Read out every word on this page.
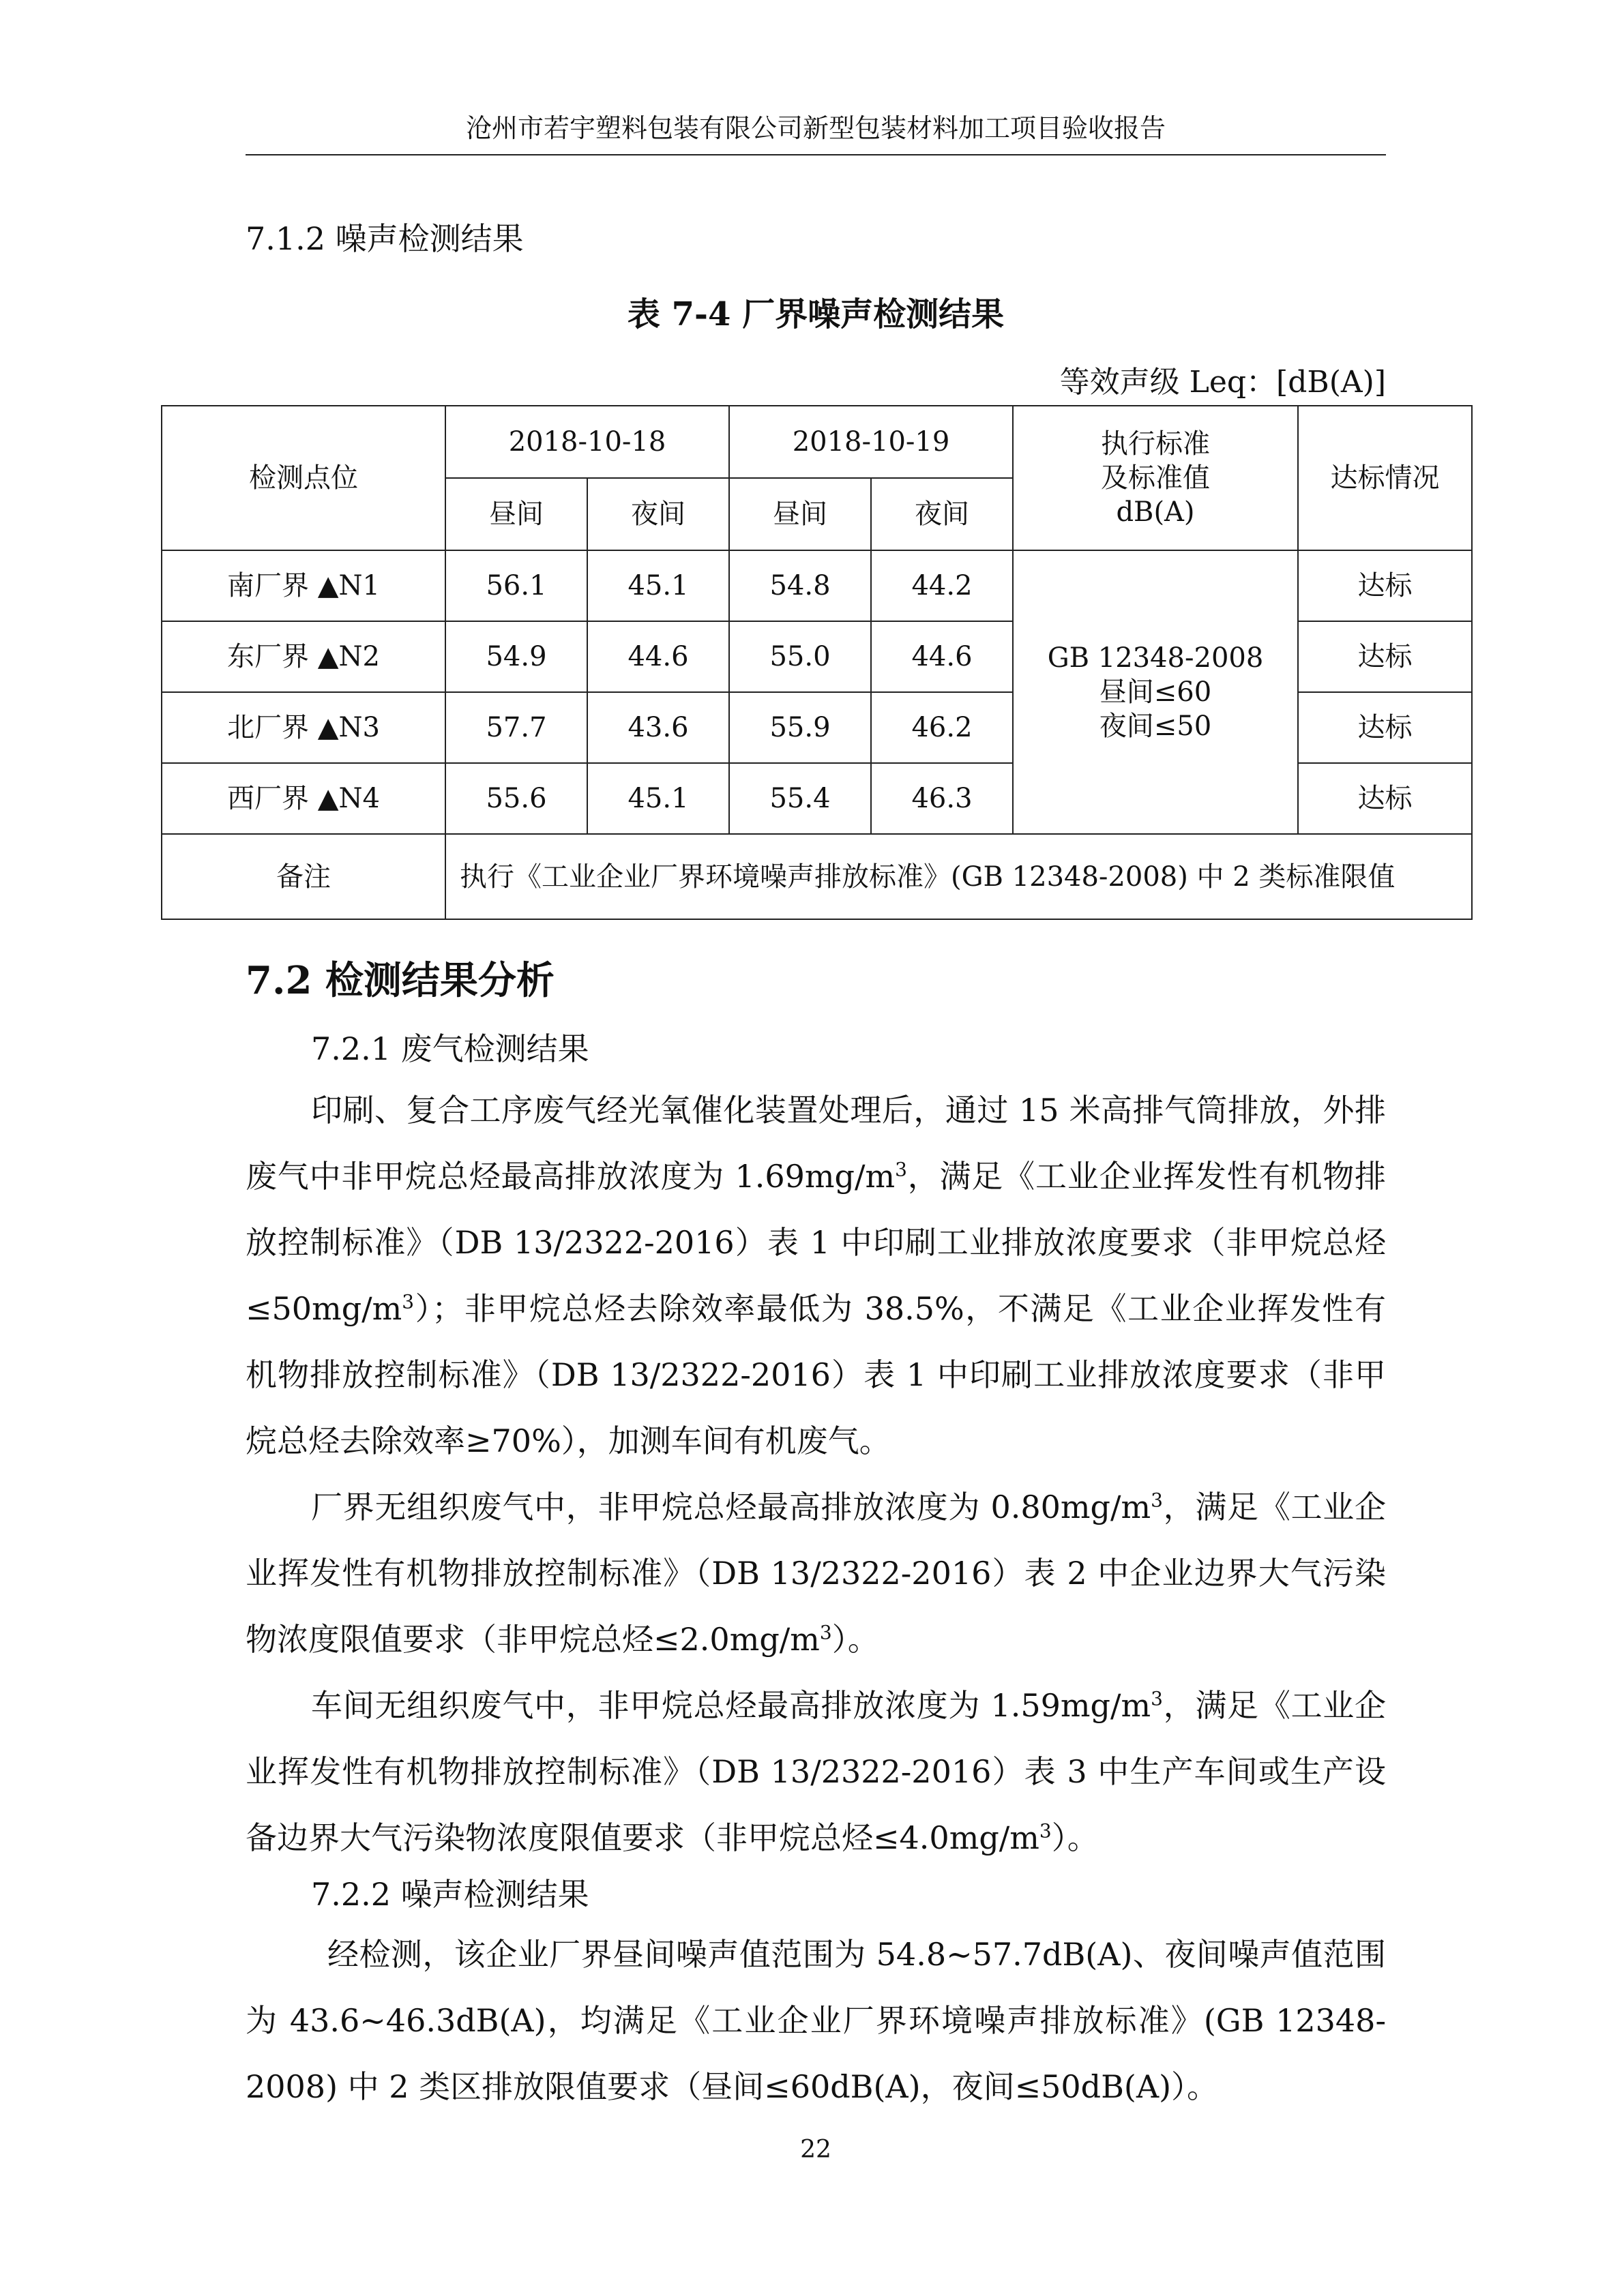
沧州市若宇塑料包装有限公司新型包装材料加工项目验收报告
7.1.2 噪声检测结果
表 7-4 厂界噪声检测结果
等效声级 Leq：[dB(A)]
检测点位	2018-10-18		2018-10-19		执行标准
及标准值
dB(A)	达标情况
	昼间	夜间	昼间	夜间		
南厂界 ▲N1	56.1	45.1	54.8	44.2	GB 12348-2008
昼间≤60
夜间≤50	达标
东厂界 ▲N2	54.9	44.6	55.0	44.6		达标
北厂界 ▲N3	57.7	43.6	55.9	46.2		达标
西厂界 ▲N4	55.6	45.1	55.4	46.3		达标
备注	执行《工业企业厂界环境噪声排放标准》(GB 12348-2008) 中 2 类标准限值					
7.2 检测结果分析
7.2.1 废气检测结果

印刷、复合工序废气经光氧催化装置处理后，通过 15 米高排气筒排放，外排废气中非甲烷总烃最高排放浓度为 $1.69mg/m^3$，满足《工业企业挥发性有机物排放控制标准》（DB 13/2322-2016）表 1 中印刷工业排放浓度要求（非甲烷总烃$\le 50mg/m^3$）；非甲烷总烃去除效率最低为 38.5%，不满足《工业企业挥发性有机物排放控制标准》（DB 13/2322-2016）表 1 中印刷工业排放浓度要求（非甲烷总烃去除效率≥70%），加测车间有机废气。

厂界无组织废气中，非甲烷总烃最高排放浓度为 $0.80mg/m^3$，满足《工业企业挥发性有机物排放控制标准》（DB 13/2322-2016）表 2 中企业边界大气污染物浓度限值要求（非甲烷总烃$\le 2.0mg/m^3$）。

车间无组织废气中，非甲烷总烃最高排放浓度为 $1.59mg/m^3$，满足《工业企业挥发性有机物排放控制标准》（DB 13/2322-2016）表 3 中生产车间或生产设备边界大气污染物浓度限值要求（非甲烷总烃$\le 4.0mg/m^3$）。

7.2.2 噪声检测结果

经检测，该企业厂界昼间噪声值范围为 54.8~57.7dB(A)、夜间噪声值范围为 43.6~46.3dB(A)，均满足《工业企业厂界环境噪声排放标准》(GB 12348-2008) 中 2 类区排放限值要求（昼间≤60dB(A)，夜间≤50dB(A)）。

22
